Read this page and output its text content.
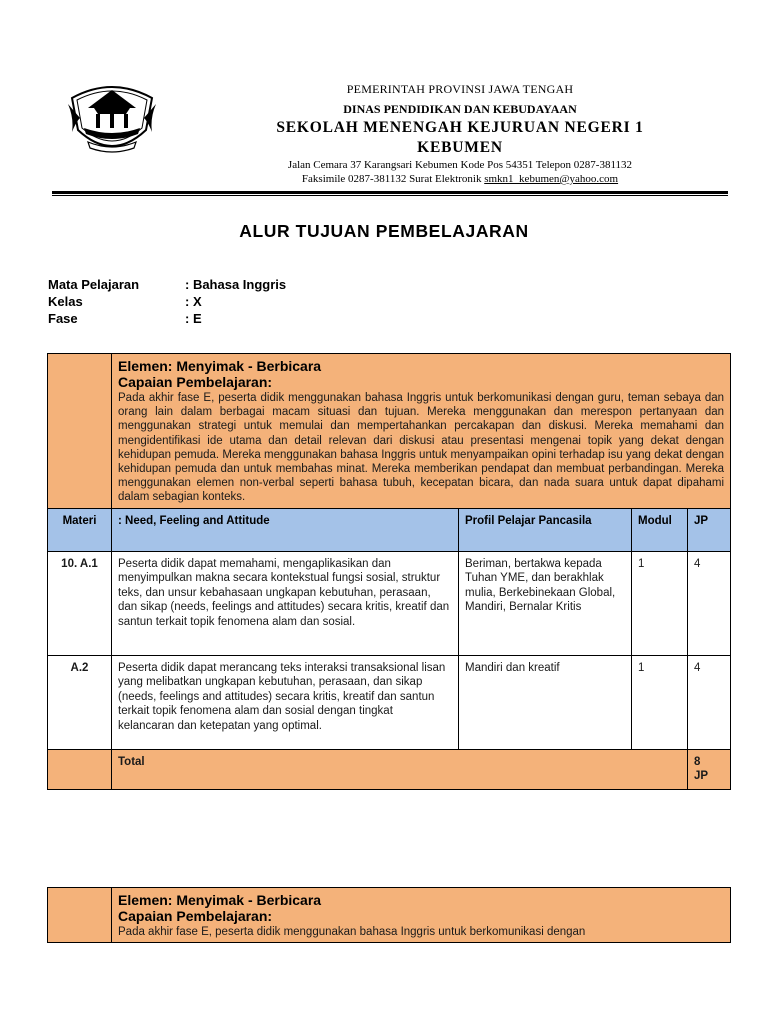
PEMERINTAH PROVINSI JAWA TENGAH
DINAS PENDIDIKAN DAN KEBUDAYAAN
SEKOLAH MENENGAH KEJURUAN NEGERI 1
KEBUMEN
Jalan Cemara 37 Karangsari Kebumen Kode Pos 54351 Telepon 0287-381132
Faksimile 0287-381132 Surat Elektronik smkn1_kebumen@yahoo.com
ALUR TUJUAN PEMBELAJARAN
Mata Pelajaran	: Bahasa Inggris
Kelas	: X
Fase	: E

	Elemen: Menyimak - Berbicara
Capaian Pembelajaran:
Pada akhir fase E, peserta didik menggunakan bahasa Inggris untuk berkomunikasi dengan guru, teman sebaya dan orang lain dalam berbagai macam situasi dan tujuan. Mereka menggunakan dan merespon pertanyaan dan menggunakan strategi untuk memulai dan mempertahankan percakapan dan diskusi. Mereka memahami dan mengidentifikasi ide utama dan detail relevan dari diskusi atau presentasi mengenai topik yang dekat dengan kehidupan pemuda. Mereka menggunakan bahasa Inggris untuk menyampaikan opini terhadap isu yang dekat dengan kehidupan pemuda dan untuk membahas minat. Mereka memberikan pendapat dan membuat perbandingan. Mereka menggunakan elemen non-verbal seperti bahasa tubuh, kecepatan bicara, dan nada suara untuk dapat dipahami dalam sebagian konteks.			

Materi	: Need, Feeling and Attitude	Profil Pelajar Pancasila	Modul	JP
10. A.1	Peserta didik dapat memahami, mengaplikasikan dan menyimpulkan makna secara kontekstual fungsi sosial, struktur teks, dan unsur kebahasaan ungkapan kebutuhan, perasaan, dan sikap (needs, feelings and attitudes) secara kritis, kreatif dan santun terkait topik fenomena alam dan sosial.	Beriman, bertakwa kepada Tuhan YME, dan berakhlak mulia, Berkebinekaan Global, Mandiri, Bernalar Kritis	1	4
A.2	Peserta didik dapat merancang teks interaksi transaksional lisan yang melibatkan ungkapan kebutuhan, perasaan, dan sikap (needs, feelings and attitudes) secara kritis, kreatif dan santun terkait topik fenomena alam dan sosial dengan tingkat kelancaran dan ketepatan yang optimal.	Mandiri dan kreatif	1	4
	Total			8
JP

Elemen: Menyimak - Berbicara
Capaian Pembelajaran:
Pada akhir fase E, peserta didik menggunakan bahasa Inggris untuk berkomunikasi dengan
